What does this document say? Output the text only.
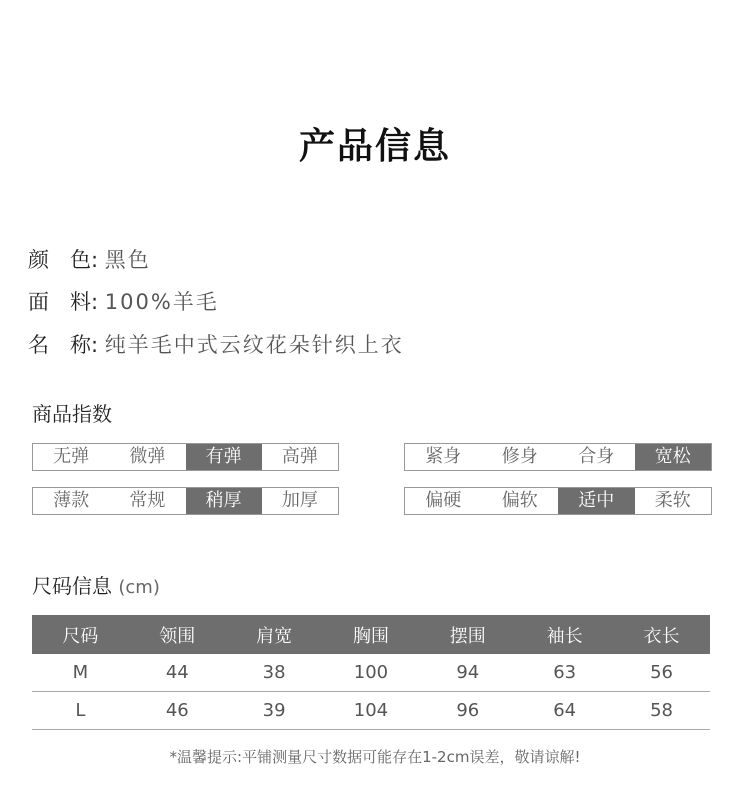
产品信息
颜　色: 黑色
面　料: 100%羊毛
名　称: 纯羊毛中式云纹花朵针织上衣
商品指数
无弹	微弹	有弹	高弹	紧身	修身	合身	宽松
薄款	常规	稍厚	加厚	偏硬	偏软	适中	柔软
尺码信息 (cm)
尺码	领围	肩宽	胸围	摆围	袖长	衣长
M	44	38	100	94	63	56
L	46	39	104	96	64	58
*温馨提示:平铺测量尺寸数据可能存在1-2cm误差，敬请谅解!
